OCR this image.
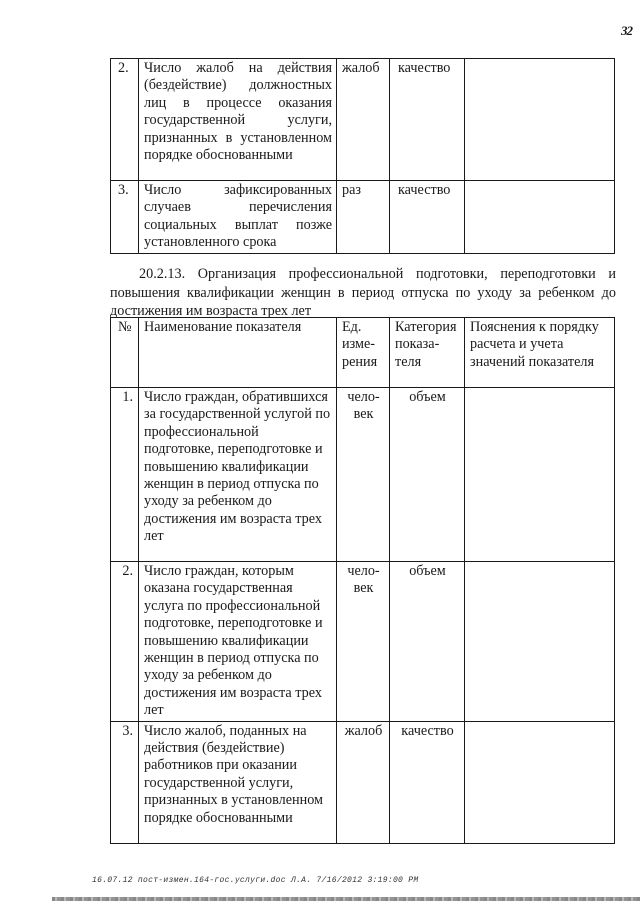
32
2.	Число жалоб на действия (бездействие) должностных лиц в процессе оказания государственной услуги, признанных в установленном порядке обоснованными	жалоб	качество	
3.	Число зафиксированных случаев перечисления социальных выплат позже установленного срока	раз	качество	
20.2.13. Организация профессиональной подготовки, переподготовки и повышения квалификации женщин в период отпуска по уходу за ребенком до достижения им возраста трех лет
№	Наименование показателя	Ед. изме-рения	Категория показа-теля	Пояснения к порядку расчета и учета значений показателя
1.	Число граждан, обратившихся за государственной услугой по профессиональной подготовке, переподготовке и повышению квалификации женщин в период отпуска по уходу за ребенком до достижения им возраста трех лет	чело-век	объем	
2.	Число граждан, которым оказана государственная услуга по профессиональной подготовке, переподготовке и повышению квалификации женщин в период отпуска по уходу за ребенком до достижения им возраста трех лет	чело-век	объем	
3.	Число жалоб, поданных на действия (бездействие) работников при оказании государственной услуги, признанных в установленном порядке обоснованными	жалоб	качество	
16.07.12 пост-измен.164-гос.услуги.doc Л.А. 7/16/2012 3:19:00 PM
